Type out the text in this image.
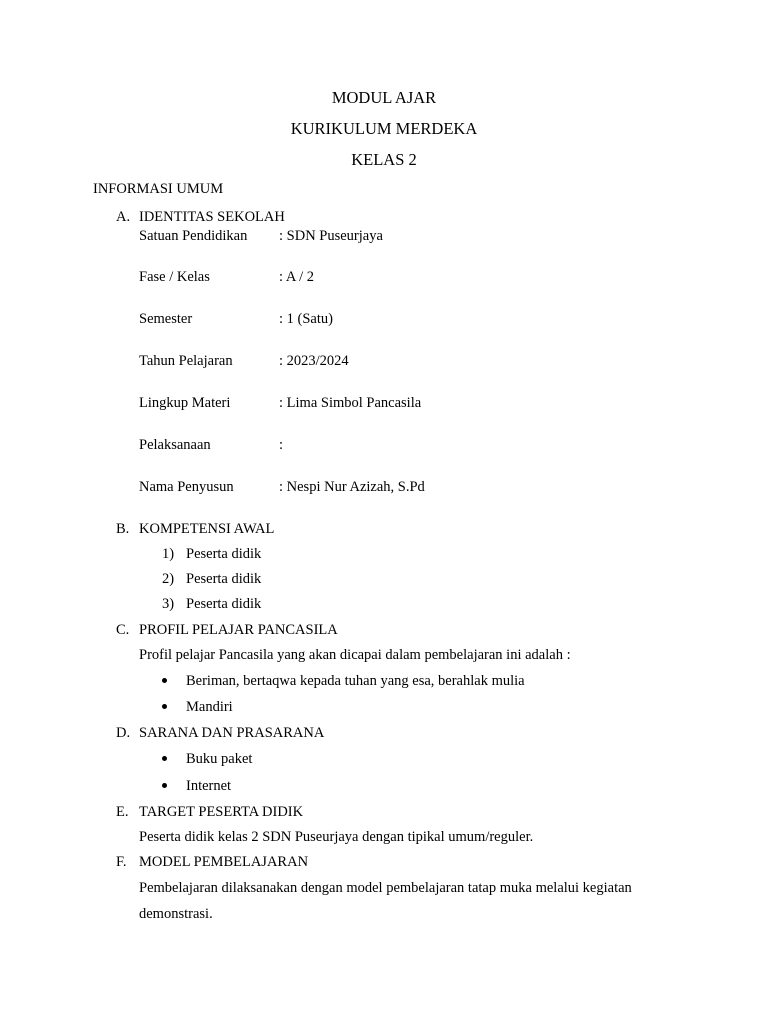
MODUL AJAR
KURIKULUM MERDEKA
KELAS 2
INFORMASI UMUM
A. IDENTITAS SEKOLAH
Satuan Pendidikan : SDN Puseurjaya
Fase / Kelas	: A / 2
Semester	: 1 (Satu)
Tahun Pelajaran	: 2023/2024
Lingkup Materi	: Lima Simbol Pancasila
Pelaksanaan	:
Nama Penyusun	: Nespi Nur Azizah, S.Pd
B. KOMPETENSI AWAL
1) Peserta didik
2) Peserta didik
3) Peserta didik
C. PROFIL PELAJAR PANCASILA
Profil pelajar Pancasila yang akan dicapai dalam pembelajaran ini adalah :
Beriman, bertaqwa kepada tuhan yang esa, berahlak mulia
Mandiri
D. SARANA DAN PRASARANA
Buku paket
Internet
E. TARGET PESERTA DIDIK
Peserta didik kelas 2 SDN Puseurjaya dengan tipikal umum/reguler.
F. MODEL PEMBELAJARAN
Pembelajaran dilaksanakan dengan model pembelajaran tatap muka melalui kegiatan
demonstrasi.
